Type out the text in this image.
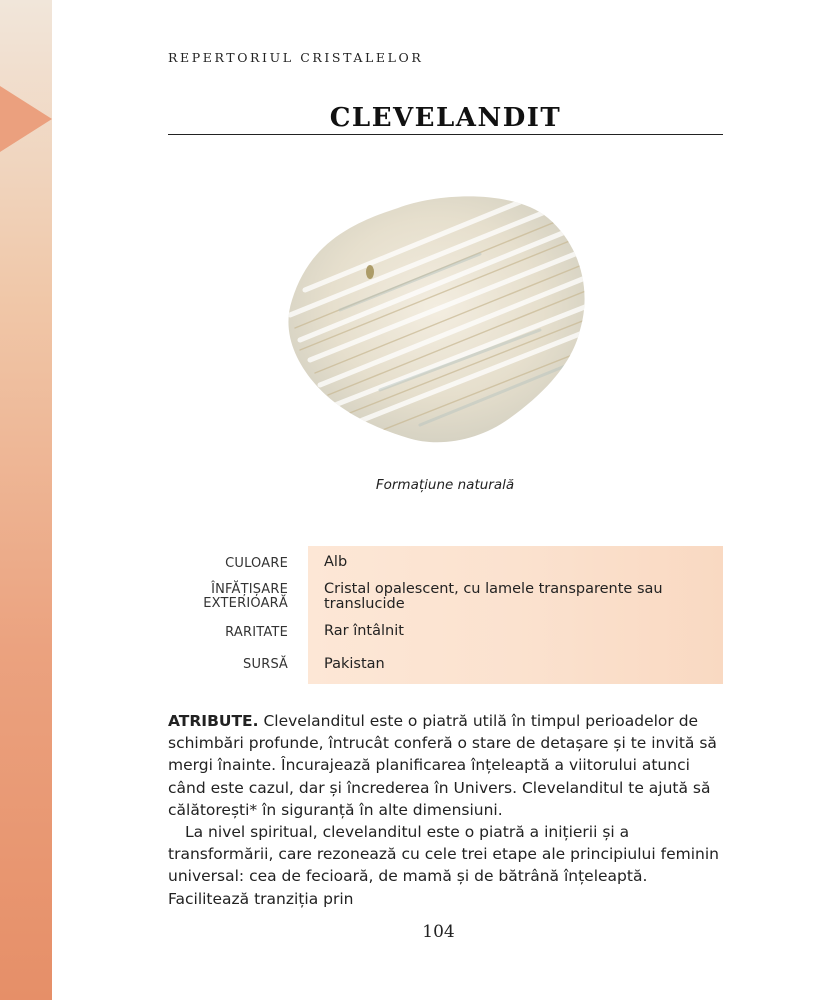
REPERTORIUL CRISTALELOR
CLEVELANDIT
Formațiune naturală
CULOARE Alb
ÎNFĂȚIȘARE EXTERIOARĂ
Cristal opalescent, cu lamele transparente sau translucide
RARITATE Rar întâlnit
SURSĂ Pakistan

ATRIBUTE. Clevelanditul este o piatră utilă în timpul perioadelor de schimbări profunde, întrucât conferă o stare de detașare și te invită să mergi înainte. Încurajează planificarea înțeleaptă a viitorului atunci când este cazul, dar și încrederea în Univers. Clevelanditul te ajută să călătorești* în siguranță în alte dimensiuni.

La nivel spiritual, clevelanditul este o piatră a inițierii și a transformării, care rezonează cu cele trei etape ale principiului feminin universal: cea de fecioară, de mamă și de bătrână înțeleaptă. Facilitează tranziția prin

104
